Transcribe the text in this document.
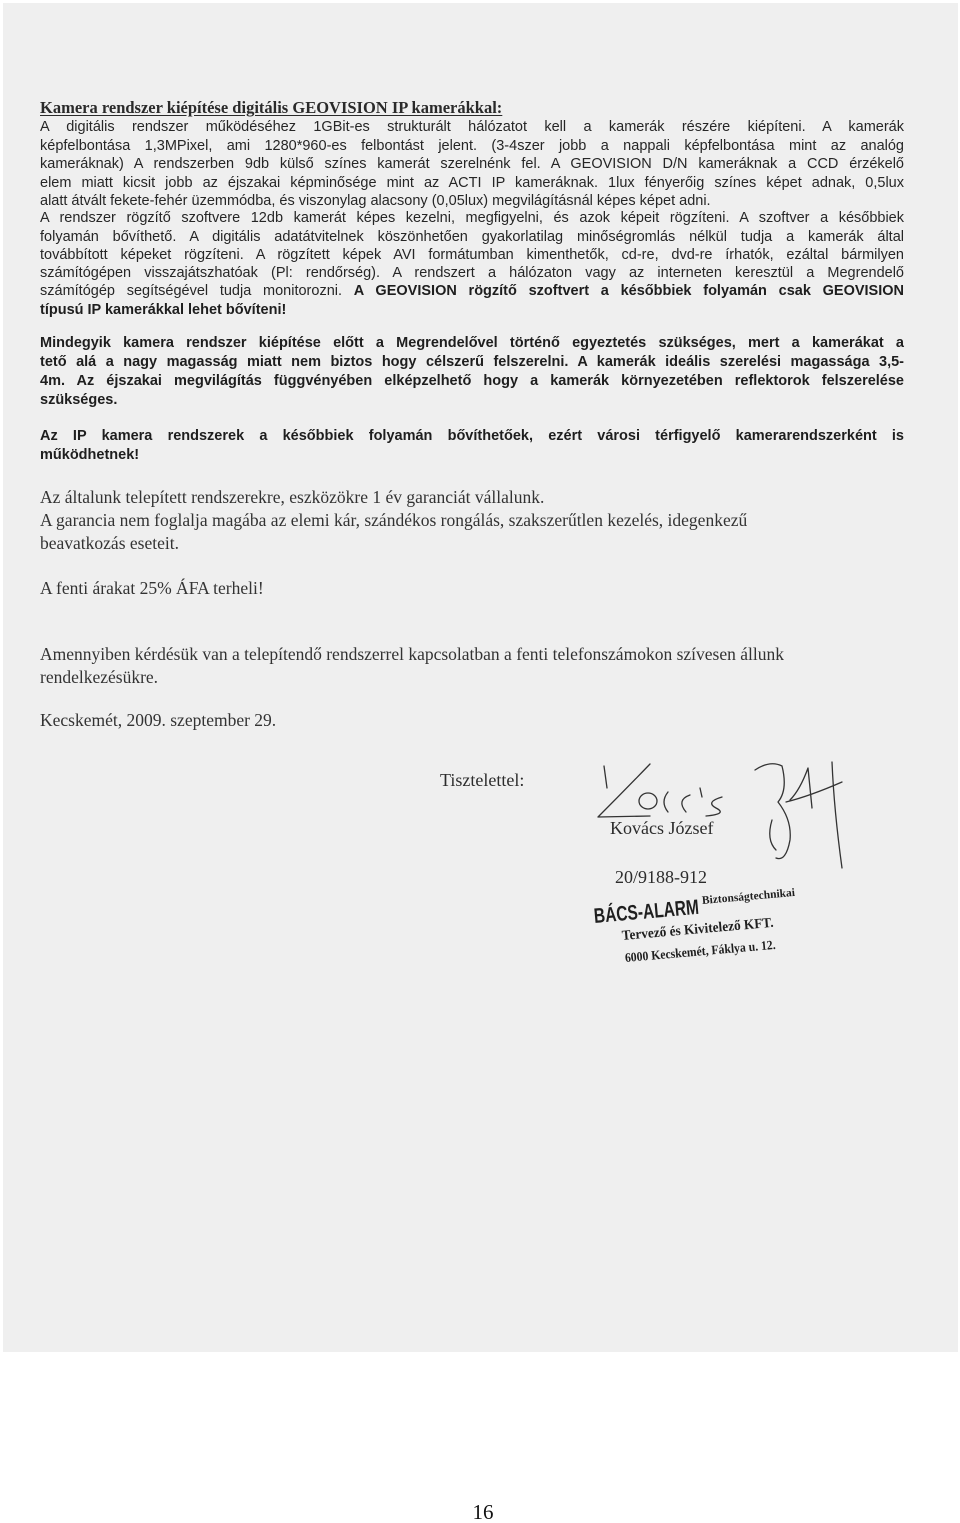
Kamera rendszer kiépítése digitális GEOVISION IP kamerákkal:
A digitális rendszer működéséhez 1GBit-es strukturált hálózatot kell a kamerák részére kiépíteni. A kamerák
képfelbontása 1,3MPixel, ami 1280*960-es felbontást jelent. (3-4szer jobb a nappali képfelbontása mint az analóg
kameráknak) A rendszerben 9db külső színes kamerát szerelnénk fel. A GEOVISION D/N kameráknak a CCD érzékelő
elem miatt kicsit jobb az éjszakai képminősége mint az ACTI IP kameráknak. 1lux fényerőig színes képet adnak, 0,5lux
alatt átvált fekete-fehér üzemmódba, és viszonylag alacsony (0,05lux) megvilágításnál képes képet adni.
A rendszer rögzítő szoftvere 12db kamerát képes kezelni, megfigyelni, és azok képeit rögzíteni. A szoftver a későbbiek
folyamán bővíthető. A digitális adatátvitelnek köszönhetően gyakorlatilag minőségromlás nélkül tudja a kamerák által
továbbított képeket rögzíteni. A rögzített képek AVI formátumban kimenthetők, cd-re, dvd-re írhatók, ezáltal bármilyen
számítógépen visszajátszhatóak (Pl: rendőrség). A rendszert a hálózaton vagy az interneten keresztül a Megrendelő
számítógép segítségével tudja monitorozni. A GEOVISION rögzítő szoftvert a későbbiek folyamán csak GEOVISION
típusú IP kamerákkal lehet bővíteni!
Mindegyik kamera rendszer kiépítése előtt a Megrendelővel történő egyeztetés szükséges, mert a kamerákat a
tető alá a nagy magasság miatt nem biztos hogy célszerű felszerelni. A kamerák ideális szerelési magassága 3,5-
4m. Az éjszakai megvilágítás függvényében elképzelhető hogy a kamerák környezetében reflektorok felszerelése
szükséges.
Az IP kamera rendszerek a későbbiek folyamán bővíthetőek, ezért városi térfigyelő kamerarendszerként is
működhetnek!
Az általunk telepített rendszerekre, eszközökre 1 év garanciát vállalunk.
A garancia nem foglalja magába az elemi kár, szándékos rongálás, szakszerűtlen kezelés, idegenkezű
beavatkozás eseteit.
A fenti árakat 25% ÁFA terheli!
Amennyiben kérdésük van a telepítendő rendszerrel kapcsolatban a fenti telefonszámokon szívesen állunk
rendelkezésükre.
Kecskemét, 2009. szeptember 29.
Tisztelettel:
Kovács József
20/9188-912
BÁCS-ALARM Biztonságtechnikai
Tervező és Kivitelező KFT.
6000 Kecskemét, Fáklya u. 12.
16
